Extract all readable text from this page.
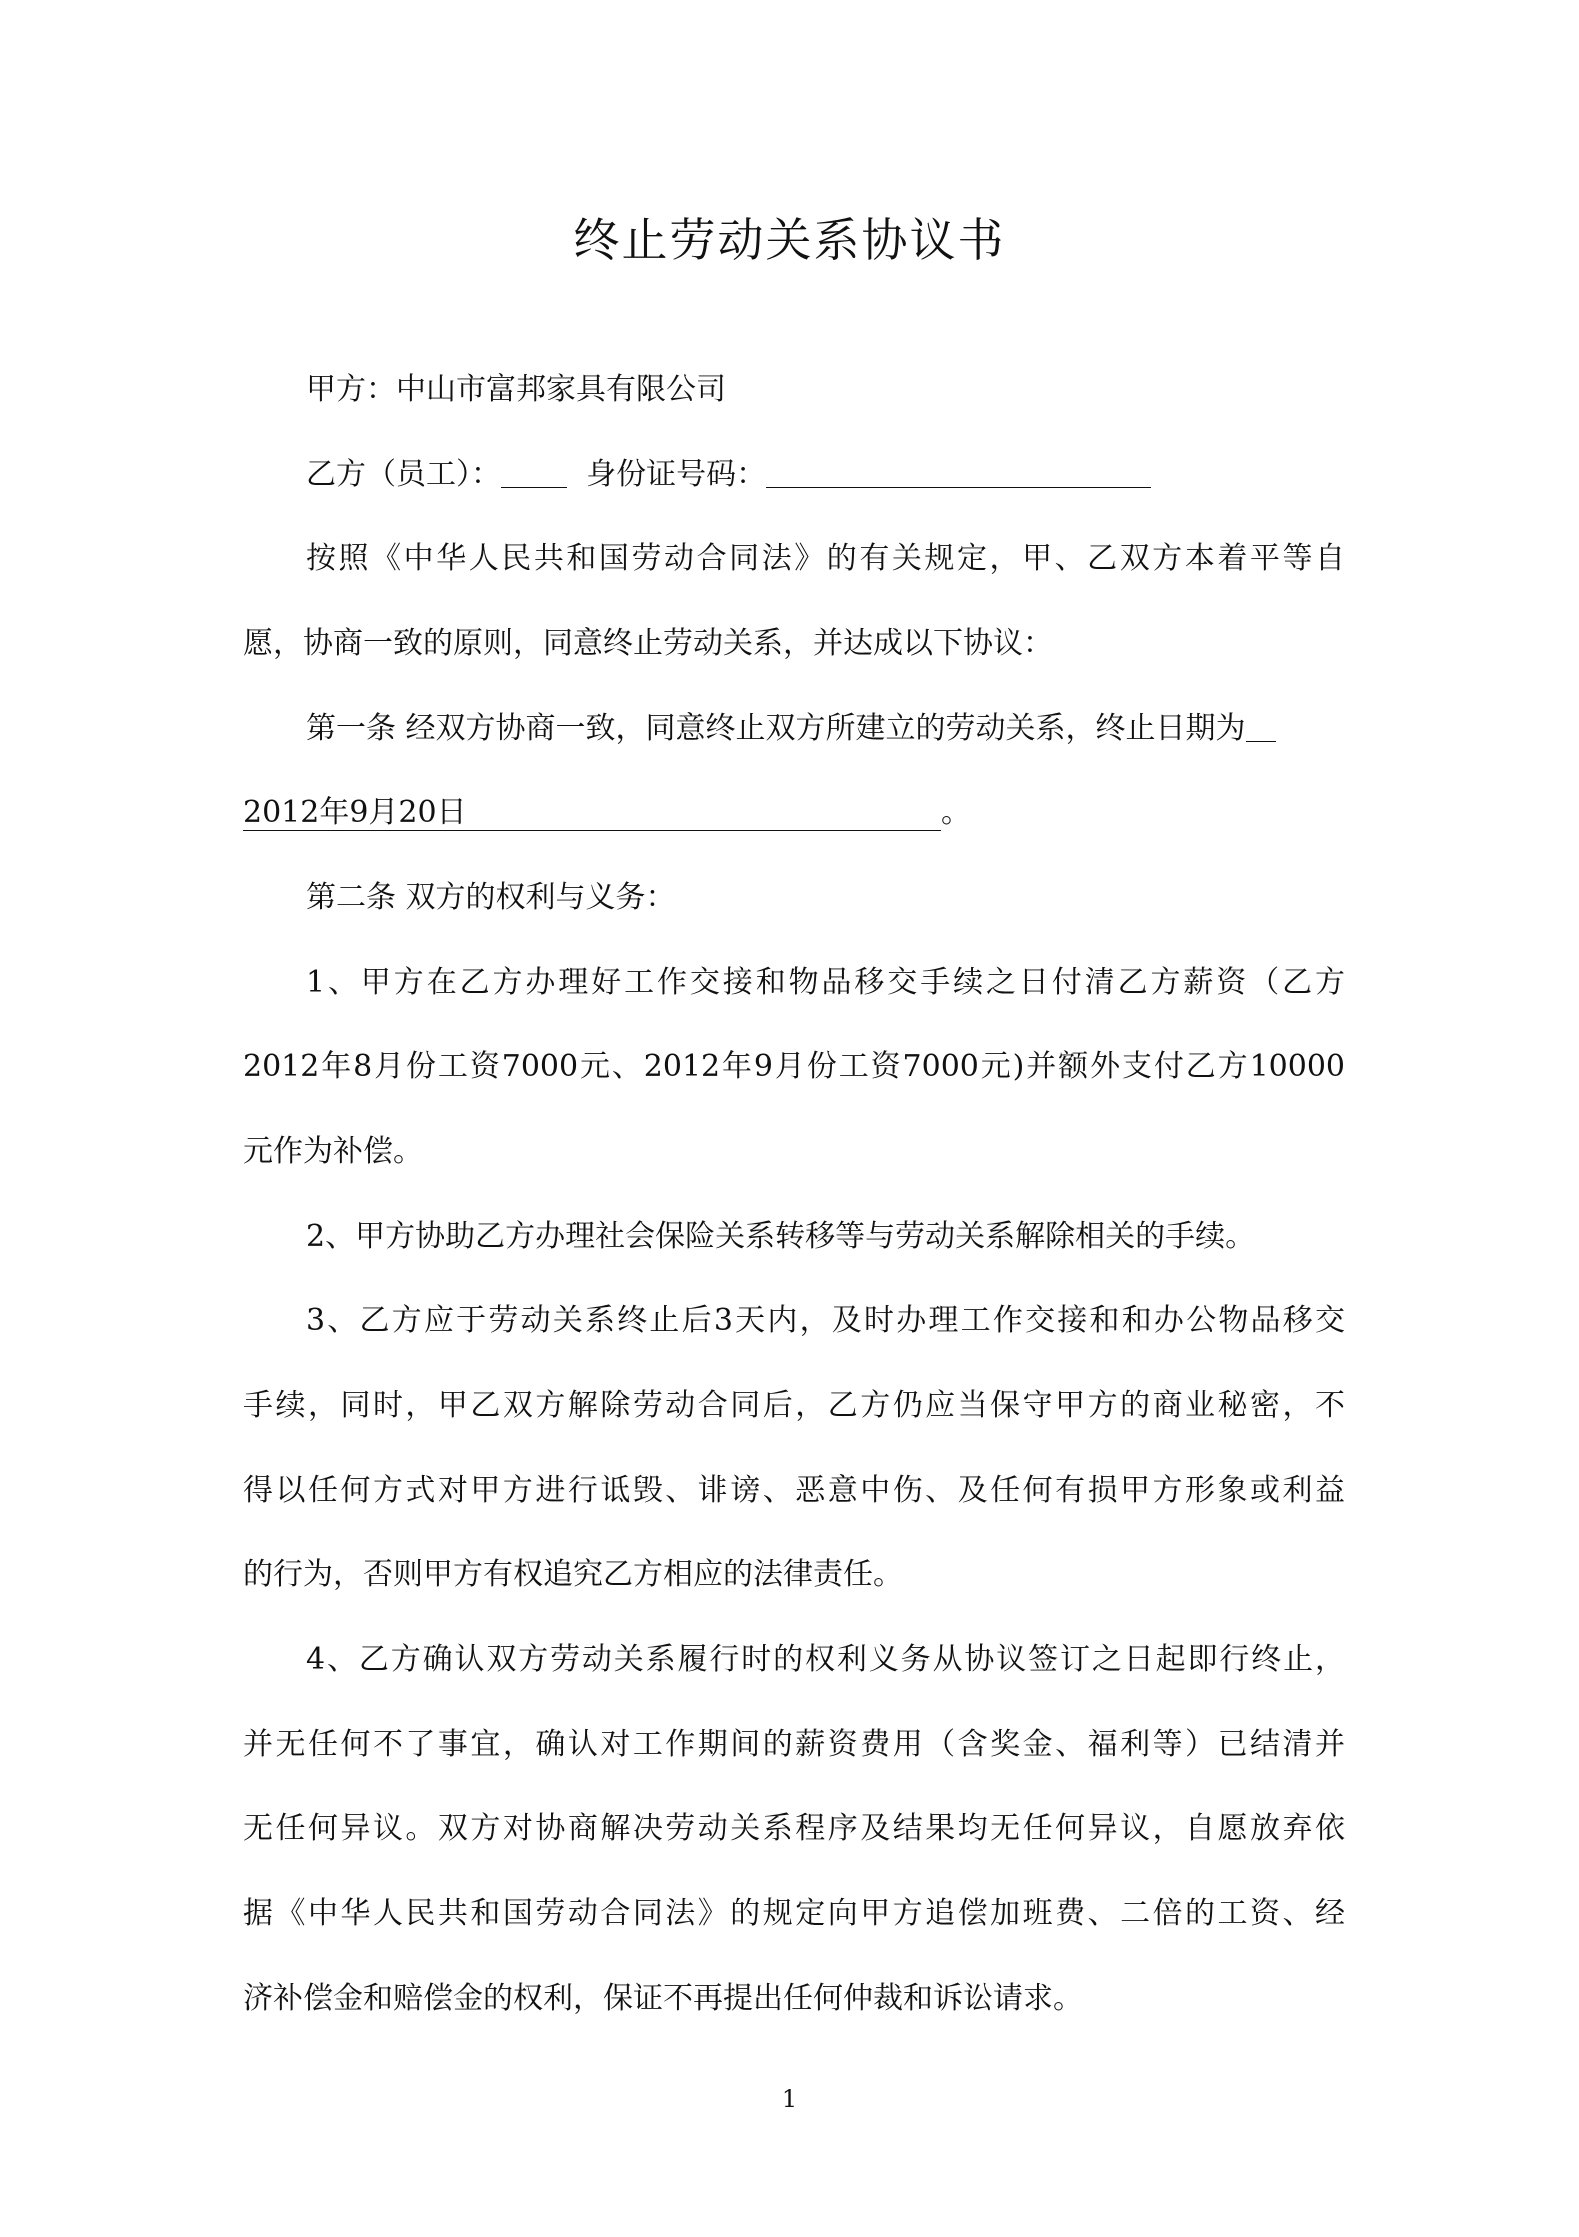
终止劳动关系协议书
甲方：中山市富邦家具有限公司
乙方（员工）：	身份证号码：
按照《中华人民共和国劳动合同法》的有关规定，甲、乙双方本着平等自
愿，协商一致的原则，同意终止劳动关系，并达成以下协议：
第一条 经双方协商一致，同意终止双方所建立的劳动关系，终止日期为
2012年9月20日	。
第二条 双方的权利与义务：
1、甲方在乙方办理好工作交接和物品移交手续之日付清乙方薪资（乙方
2012年8月份工资7000元、2012年9月份工资7000元)并额外支付乙方10000
元作为补偿。
2、甲方协助乙方办理社会保险关系转移等与劳动关系解除相关的手续。
3、乙方应于劳动关系终止后3天内，及时办理工作交接和和办公物品移交
手续，同时，甲乙双方解除劳动合同后，乙方仍应当保守甲方的商业秘密，不
得以任何方式对甲方进行诋毁、诽谤、恶意中伤、及任何有损甲方形象或利益
的行为，否则甲方有权追究乙方相应的法律责任。
4、乙方确认双方劳动关系履行时的权利义务从协议签订之日起即行终止，
并无任何不了事宜，确认对工作期间的薪资费用（含奖金、福利等）已结清并
无任何异议。双方对协商解决劳动关系程序及结果均无任何异议，自愿放弃依
据《中华人民共和国劳动合同法》的规定向甲方追偿加班费、二倍的工资、经
济补偿金和赔偿金的权利，保证不再提出任何仲裁和诉讼请求。
1
